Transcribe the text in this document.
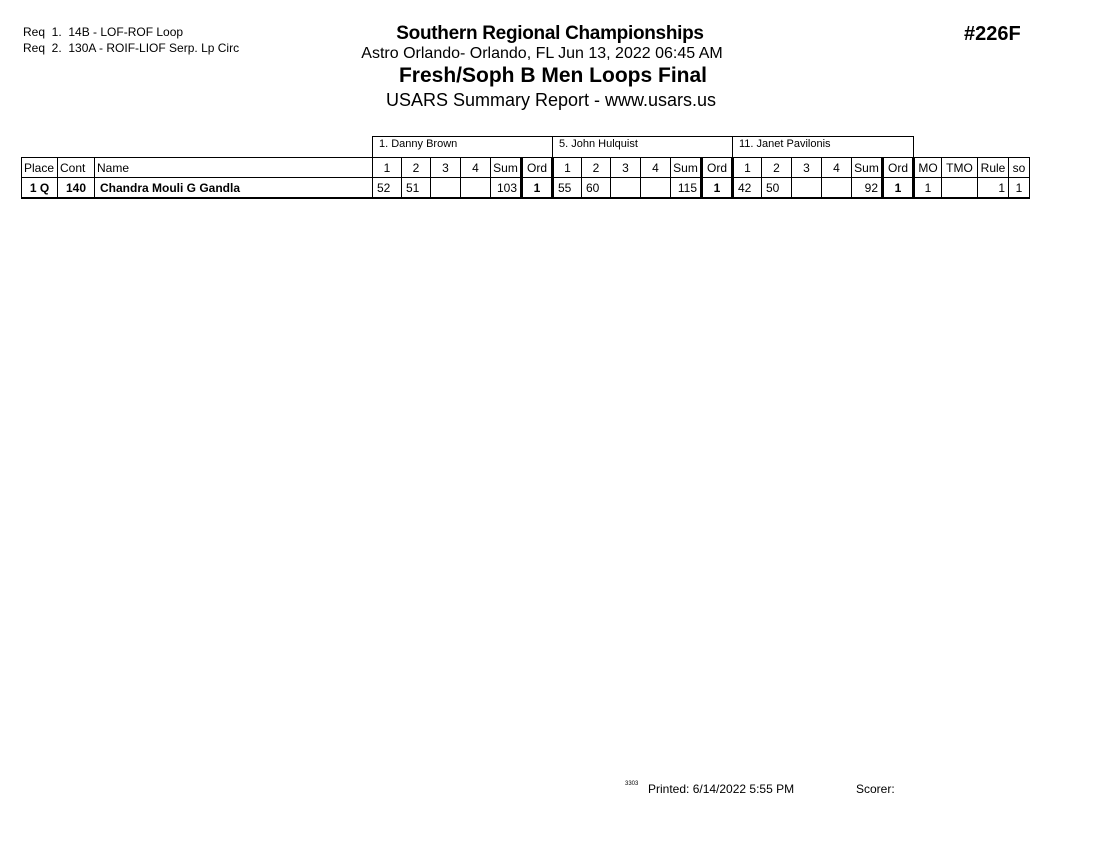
Req  1.  14B - LOF-ROF Loop
Req  2.  130A - ROIF-LIOF Serp. Lp Circ
Southern Regional Championships
Astro Orlando- Orlando, FL Jun 13, 2022 06:45 AM
Fresh/Soph B Men Loops Final
USARS Summary Report - www.usars.us
#226F
			1. Danny Brown						5. John Hulquist						11. Janet Pavilonis									
Place	Cont	Name	1	2	3	4	Sum	Ord	1	2	3	4	Sum	Ord	1	2	3	4	Sum	Ord	MO	TMO	Rule	so
1 Q	140	Chandra Mouli G Gandla	52	51			103	1	55	60			115	1	42	50			92	1	1		1	1
3303 Printed: 6/14/2022 5:55 PM	Scorer:
